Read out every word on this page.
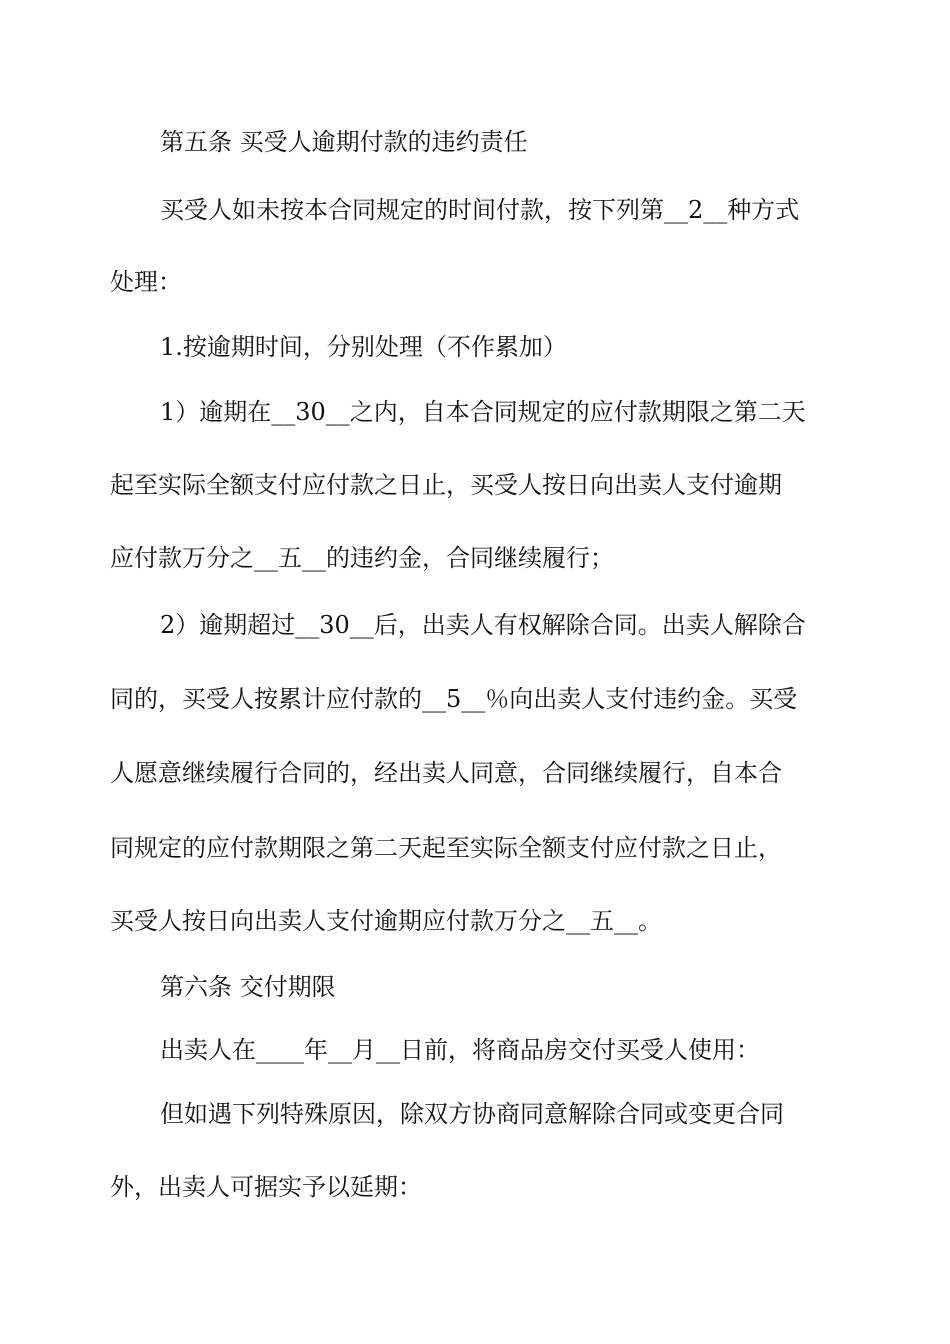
第五条 买受人逾期付款的违约责任
买受人如未按本合同规定的时间付款，按下列第__2__种方式
处理：
1.按逾期时间，分别处理（不作累加）
1）逾期在__30__之内，自本合同规定的应付款期限之第二天
起至实际全额支付应付款之日止，买受人按日向出卖人支付逾期
应付款万分之__五__的违约金，合同继续履行；
2）逾期超过__30__后，出卖人有权解除合同。出卖人解除合
同的，买受人按累计应付款的__5__％向出卖人支付违约金。买受
人愿意继续履行合同的，经出卖人同意，合同继续履行，自本合
同规定的应付款期限之第二天起至实际全额支付应付款之日止，
买受人按日向出卖人支付逾期应付款万分之__五__。
第六条 交付期限
出卖人在____年__月__日前，将商品房交付买受人使用：
但如遇下列特殊原因，除双方协商同意解除合同或变更合同
外，出卖人可据实予以延期：
